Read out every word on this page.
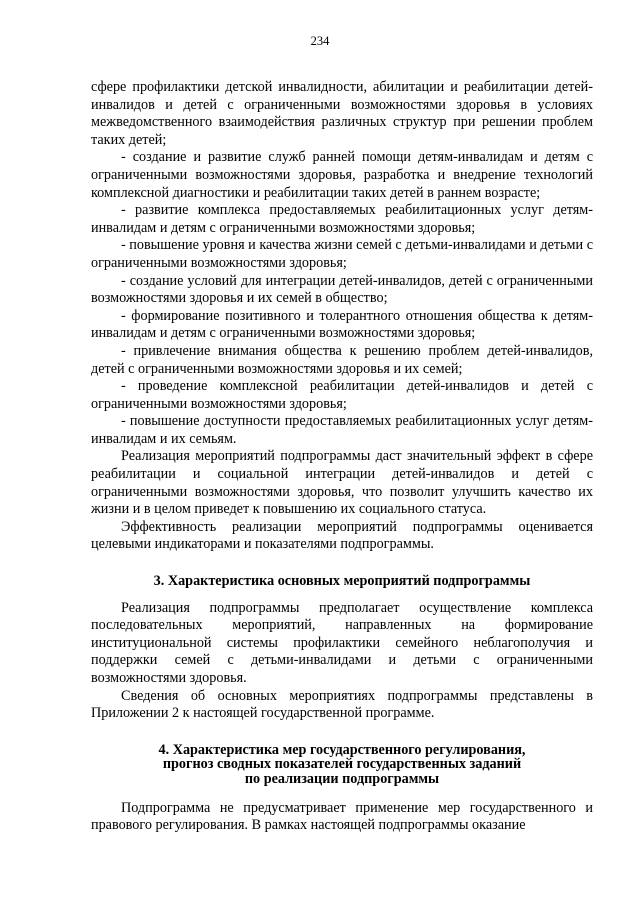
234

сфере профилактики детской инвалидности, абилитации и реабилитации детей-инвалидов и детей с ограниченными возможностями здоровья в условиях межведомственного взаимодействия различных структур при решении проблем таких детей;

- создание и развитие служб ранней помощи детям-инвалидам и детям с ограниченными возможностями здоровья, разработка и внедрение технологий комплексной диагностики и реабилитации таких детей в раннем возрасте;

- развитие комплекса предоставляемых реабилитационных услуг детям-инвалидам и детям с ограниченными возможностями здоровья;

- повышение уровня и качества жизни семей с детьми-инвалидами и детьми с ограниченными возможностями здоровья;

- создание условий для интеграции детей-инвалидов, детей с ограниченными возможностями здоровья и их семей в общество;

- формирование позитивного и толерантного отношения общества к детям-инвалидам и детям с ограниченными возможностями здоровья;

- привлечение внимания общества к решению проблем детей-инвалидов, детей с ограниченными возможностями здоровья и их семей;

- проведение комплексной реабилитации детей-инвалидов и детей с ограниченными возможностями здоровья;

- повышение доступности предоставляемых реабилитационных услуг детям-инвалидам и их семьям.

Реализация мероприятий подпрограммы даст значительный эффект в сфере реабилитации и социальной интеграции детей-инвалидов и детей с ограниченными возможностями здоровья, что позволит улучшить качество их жизни и в целом приведет к повышению их социального статуса.

Эффективность реализации мероприятий подпрограммы оценивается целевыми индикаторами и показателями подпрограммы.

3. Характеристика основных мероприятий подпрограммы

Реализация подпрограммы предполагает осуществление комплекса последовательных мероприятий, направленных на формирование институциональной системы профилактики семейного неблагополучия и поддержки семей с детьми-инвалидами и детьми с ограниченными возможностями здоровья.

Сведения об основных мероприятиях подпрограммы представлены в Приложении 2 к настоящей государственной программе.

4. Характеристика мер государственного регулирования,
прогноз сводных показателей государственных заданий
по реализации подпрограммы

Подпрограмма не предусматривает применение мер государственного и правового регулирования. В рамках настоящей подпрограммы оказание
